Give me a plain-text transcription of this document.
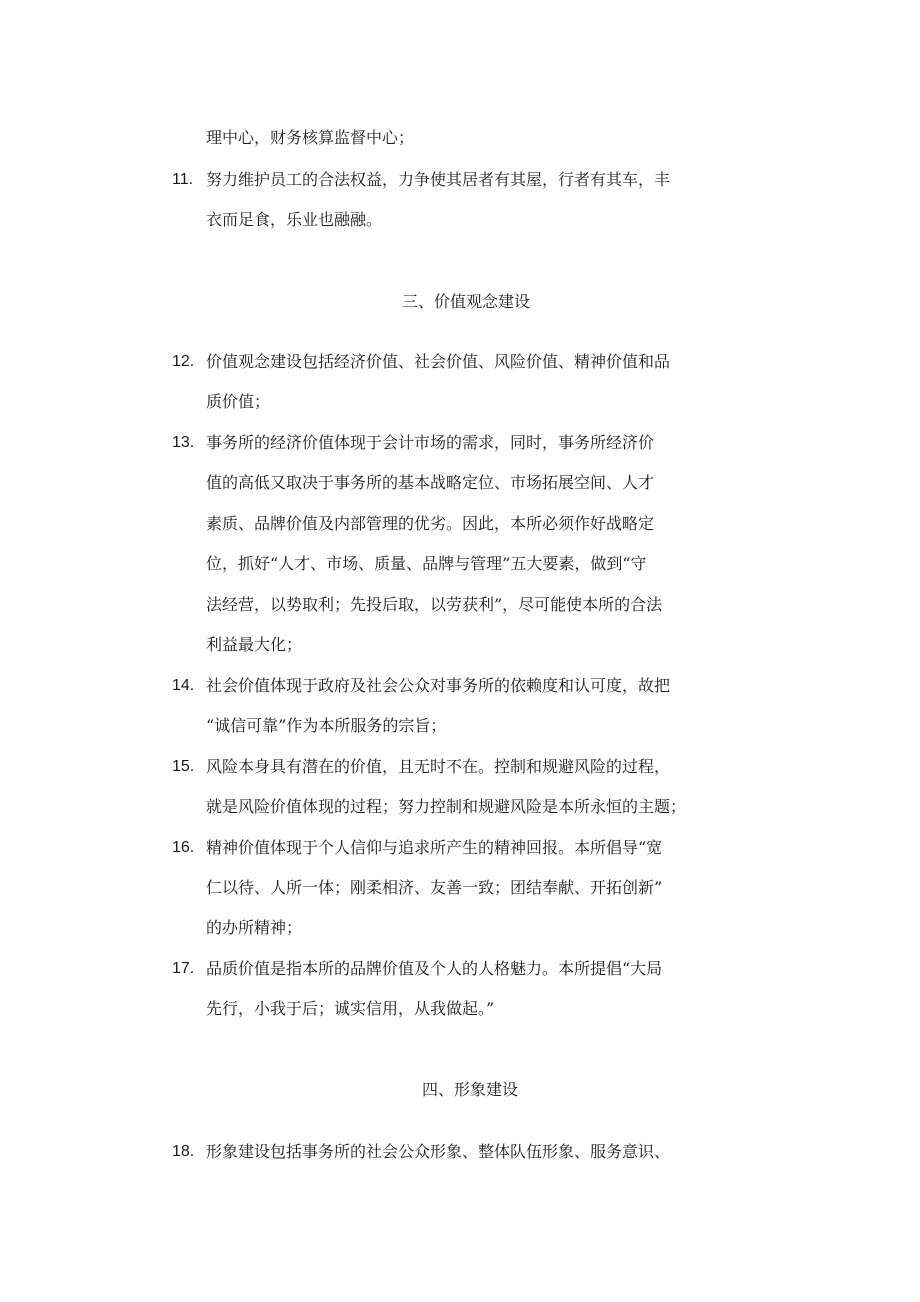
理中心，财务核算监督中心；
11. 努力维护员工的合法权益，力争使其居者有其屋，行者有其车，丰
衣而足食，乐业也融融。
三、价值观念建设
12. 价值观念建设包括经济价值、社会价值、风险价值、精神价值和品
质价值；
13. 事务所的经济价值体现于会计市场的需求，同时，事务所经济价
值的高低又取决于事务所的基本战略定位、市场拓展空间、人才
素质、品牌价值及内部管理的优劣。因此，本所必须作好战略定
位，抓好“人才、市场、质量、品牌与管理”五大要素，做到“守
法经营，以势取利；先投后取，以劳获利”，尽可能使本所的合法
利益最大化；
14. 社会价值体现于政府及社会公众对事务所的依赖度和认可度，故把
“诚信可靠”作为本所服务的宗旨；
15. 风险本身具有潜在的价值，且无时不在。控制和规避风险的过程，
就是风险价值体现的过程；努力控制和规避风险是本所永恒的主题；
16. 精神价值体现于个人信仰与追求所产生的精神回报。本所倡导“宽
仁以待、人所一体；刚柔相济、友善一致；团结奉献、开拓创新”
的办所精神；
17. 品质价值是指本所的品牌价值及个人的人格魅力。本所提倡“大局
先行，小我于后；诚实信用，从我做起。”
四、形象建设
18. 形象建设包括事务所的社会公众形象、整体队伍形象、服务意识、
